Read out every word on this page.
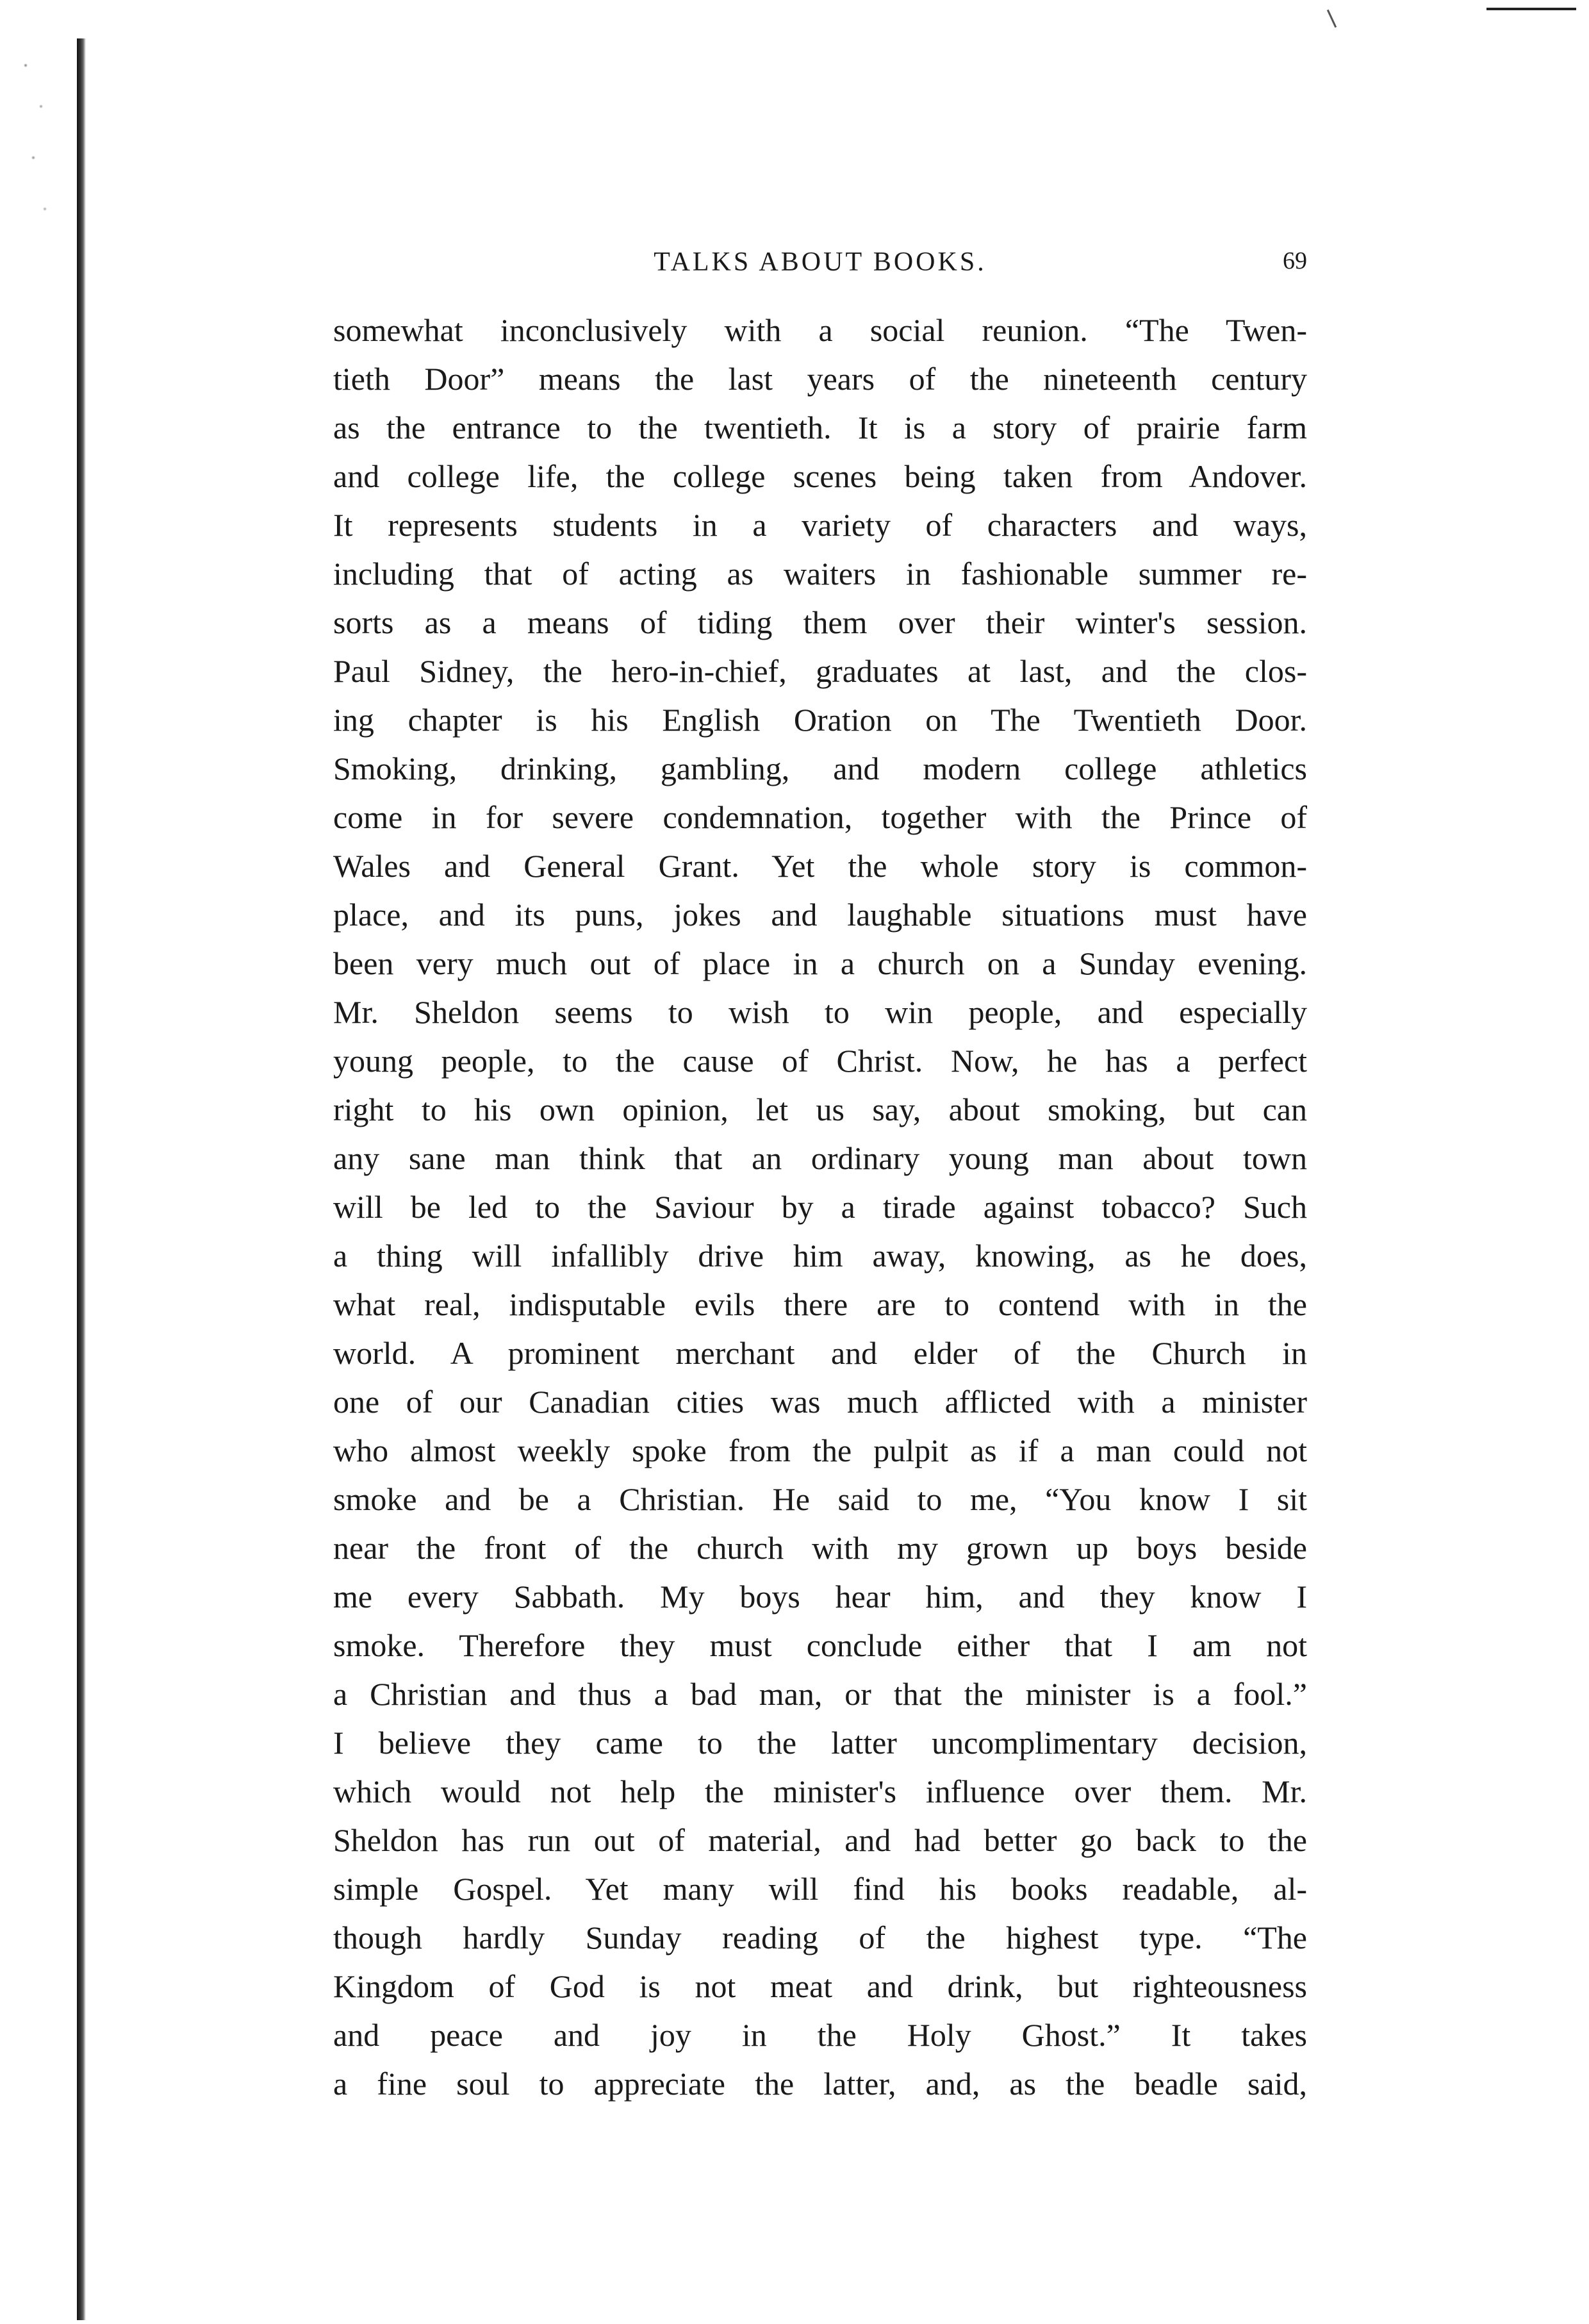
TALKS ABOUT BOOKS.	69
somewhat inconclusively with a social reunion. “The Twen-
tieth Door” means the last years of the nineteenth century
as the entrance to the twentieth. It is a story of prairie farm
and college life, the college scenes being taken from Andover.
It represents students in a variety of characters and ways,
including that of acting as waiters in fashionable summer re-
sorts as a means of tiding them over their winter's session.
Paul Sidney, the hero-in-chief, graduates at last, and the clos-
ing chapter is his English Oration on The Twentieth Door.
Smoking, drinking, gambling, and modern college athletics
come in for severe condemnation, together with the Prince of
Wales and General Grant. Yet the whole story is common-
place, and its puns, jokes and laughable situations must have
been very much out of place in a church on a Sunday evening.
Mr. Sheldon seems to wish to win people, and especially
young people, to the cause of Christ. Now, he has a perfect
right to his own opinion, let us say, about smoking, but can
any sane man think that an ordinary young man about town
will be led to the Saviour by a tirade against tobacco? Such
a thing will infallibly drive him away, knowing, as he does,
what real, indisputable evils there are to contend with in the
world. A prominent merchant and elder of the Church in
one of our Canadian cities was much afflicted with a minister
who almost weekly spoke from the pulpit as if a man could not
smoke and be a Christian. He said to me, “You know I sit
near the front of the church with my grown up boys beside
me every Sabbath. My boys hear him, and they know I
smoke. Therefore they must conclude either that I am not
a Christian and thus a bad man, or that the minister is a fool.”
I believe they came to the latter uncomplimentary decision,
which would not help the minister's influence over them. Mr.
Sheldon has run out of material, and had better go back to the
simple Gospel. Yet many will find his books readable, al-
though hardly Sunday reading of the highest type. “The
Kingdom of God is not meat and drink, but righteousness
and peace and joy in the Holy Ghost.” It takes
a fine soul to appreciate the latter, and, as the beadle said,
